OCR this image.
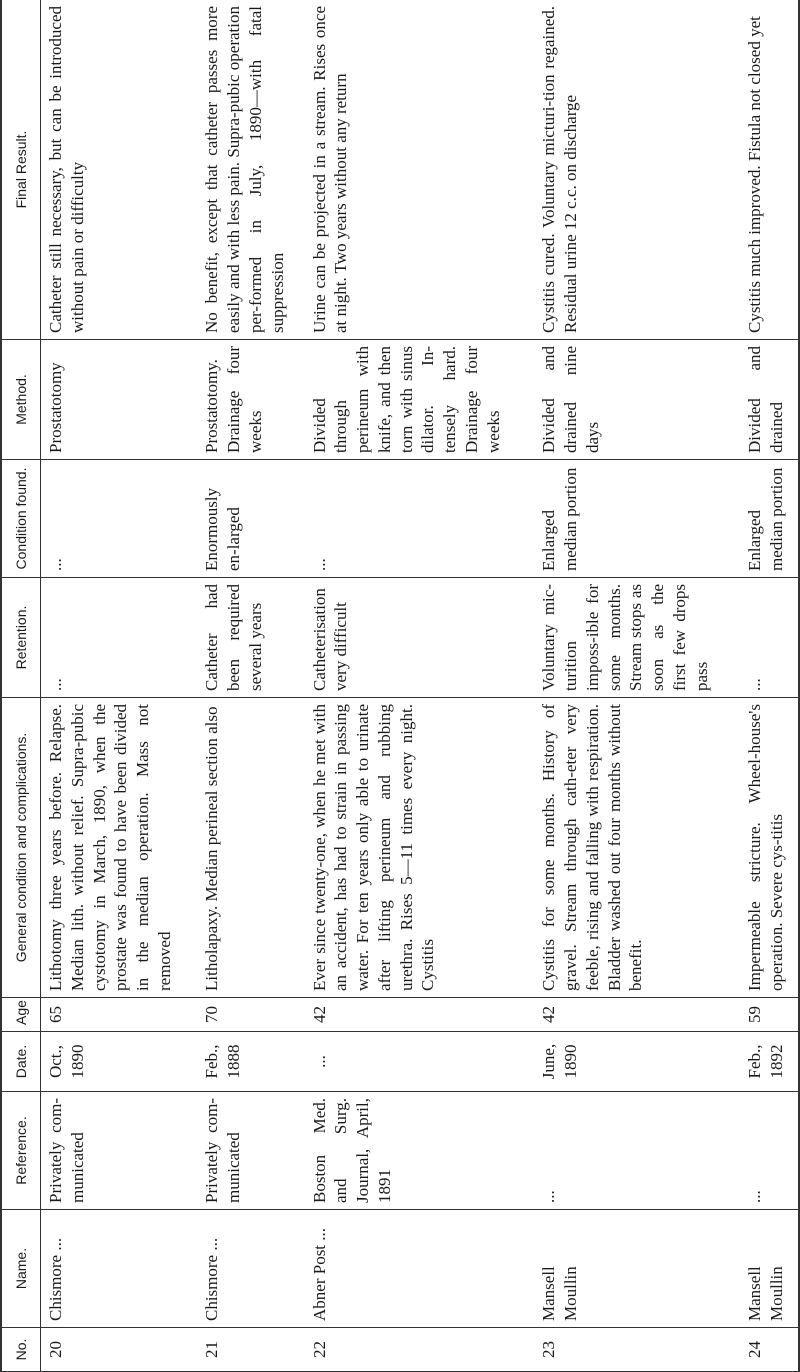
No.	Name.	Reference.	Date.	Age	General condition and complications.	Retention.	Condition found.	Method.	Final Result.
20	Chismore ...	Privately com-municated	Oct., 1890	65	Lithotomy three years before. Relapse. Median lith. without relief. Supra-pubic cystotomy in March, 1890, when the prostate was found to have been divided in the median operation. Mass not removed	...	...	Prostatotomy	Catheter still necessary, but can be introduced without pain or difficulty
21	Chismore ...	Privately com-municated	Feb., 1888	70	Litholapaxy. Median perineal section also	Catheter had been required several years	Enormously en-larged	Prostatotomy. Drainage four weeks	No benefit, except that catheter passes more easily and with less pain. Supra-pubic operation per-formed in July, 1890—with fatal suppression
22	Abner Post ...	Boston Med. and Surg. Journal, April, 1891	...	42	Ever since twenty-one, when he met with an accident, has had to strain in passing water. For ten years only able to urinate after lifting perineum and rubbing urethra. Rises 5—11 times every night. Cystitis	Catheterisation very difficult	...	Divided through perineum with knife, and then torn with sinus dilator. In-tensely hard. Drainage four weeks	Urine can be projected in a stream. Rises once at night. Two years without any return
23	Mansell Moullin	...	June, 1890	42	Cystitis for some months. History of gravel. Stream through cath-eter very feeble, rising and falling with respiration. Bladder washed out four months without benefit.	Voluntary mic-turition imposs-ible for some months. Stream stops as soon as the first few drops pass	Enlarged median portion	Divided and drained nine days	Cystitis cured. Voluntary micturi-tion regained. Residual urine 12 c.c. on discharge
24	Mansell Moullin	...	Feb., 1892	59	Impermeable stricture. Wheel-house's operation. Severe cys-titis	...	Enlarged median portion	Divided and drained	Cystitis much improved. Fistula not closed yet
